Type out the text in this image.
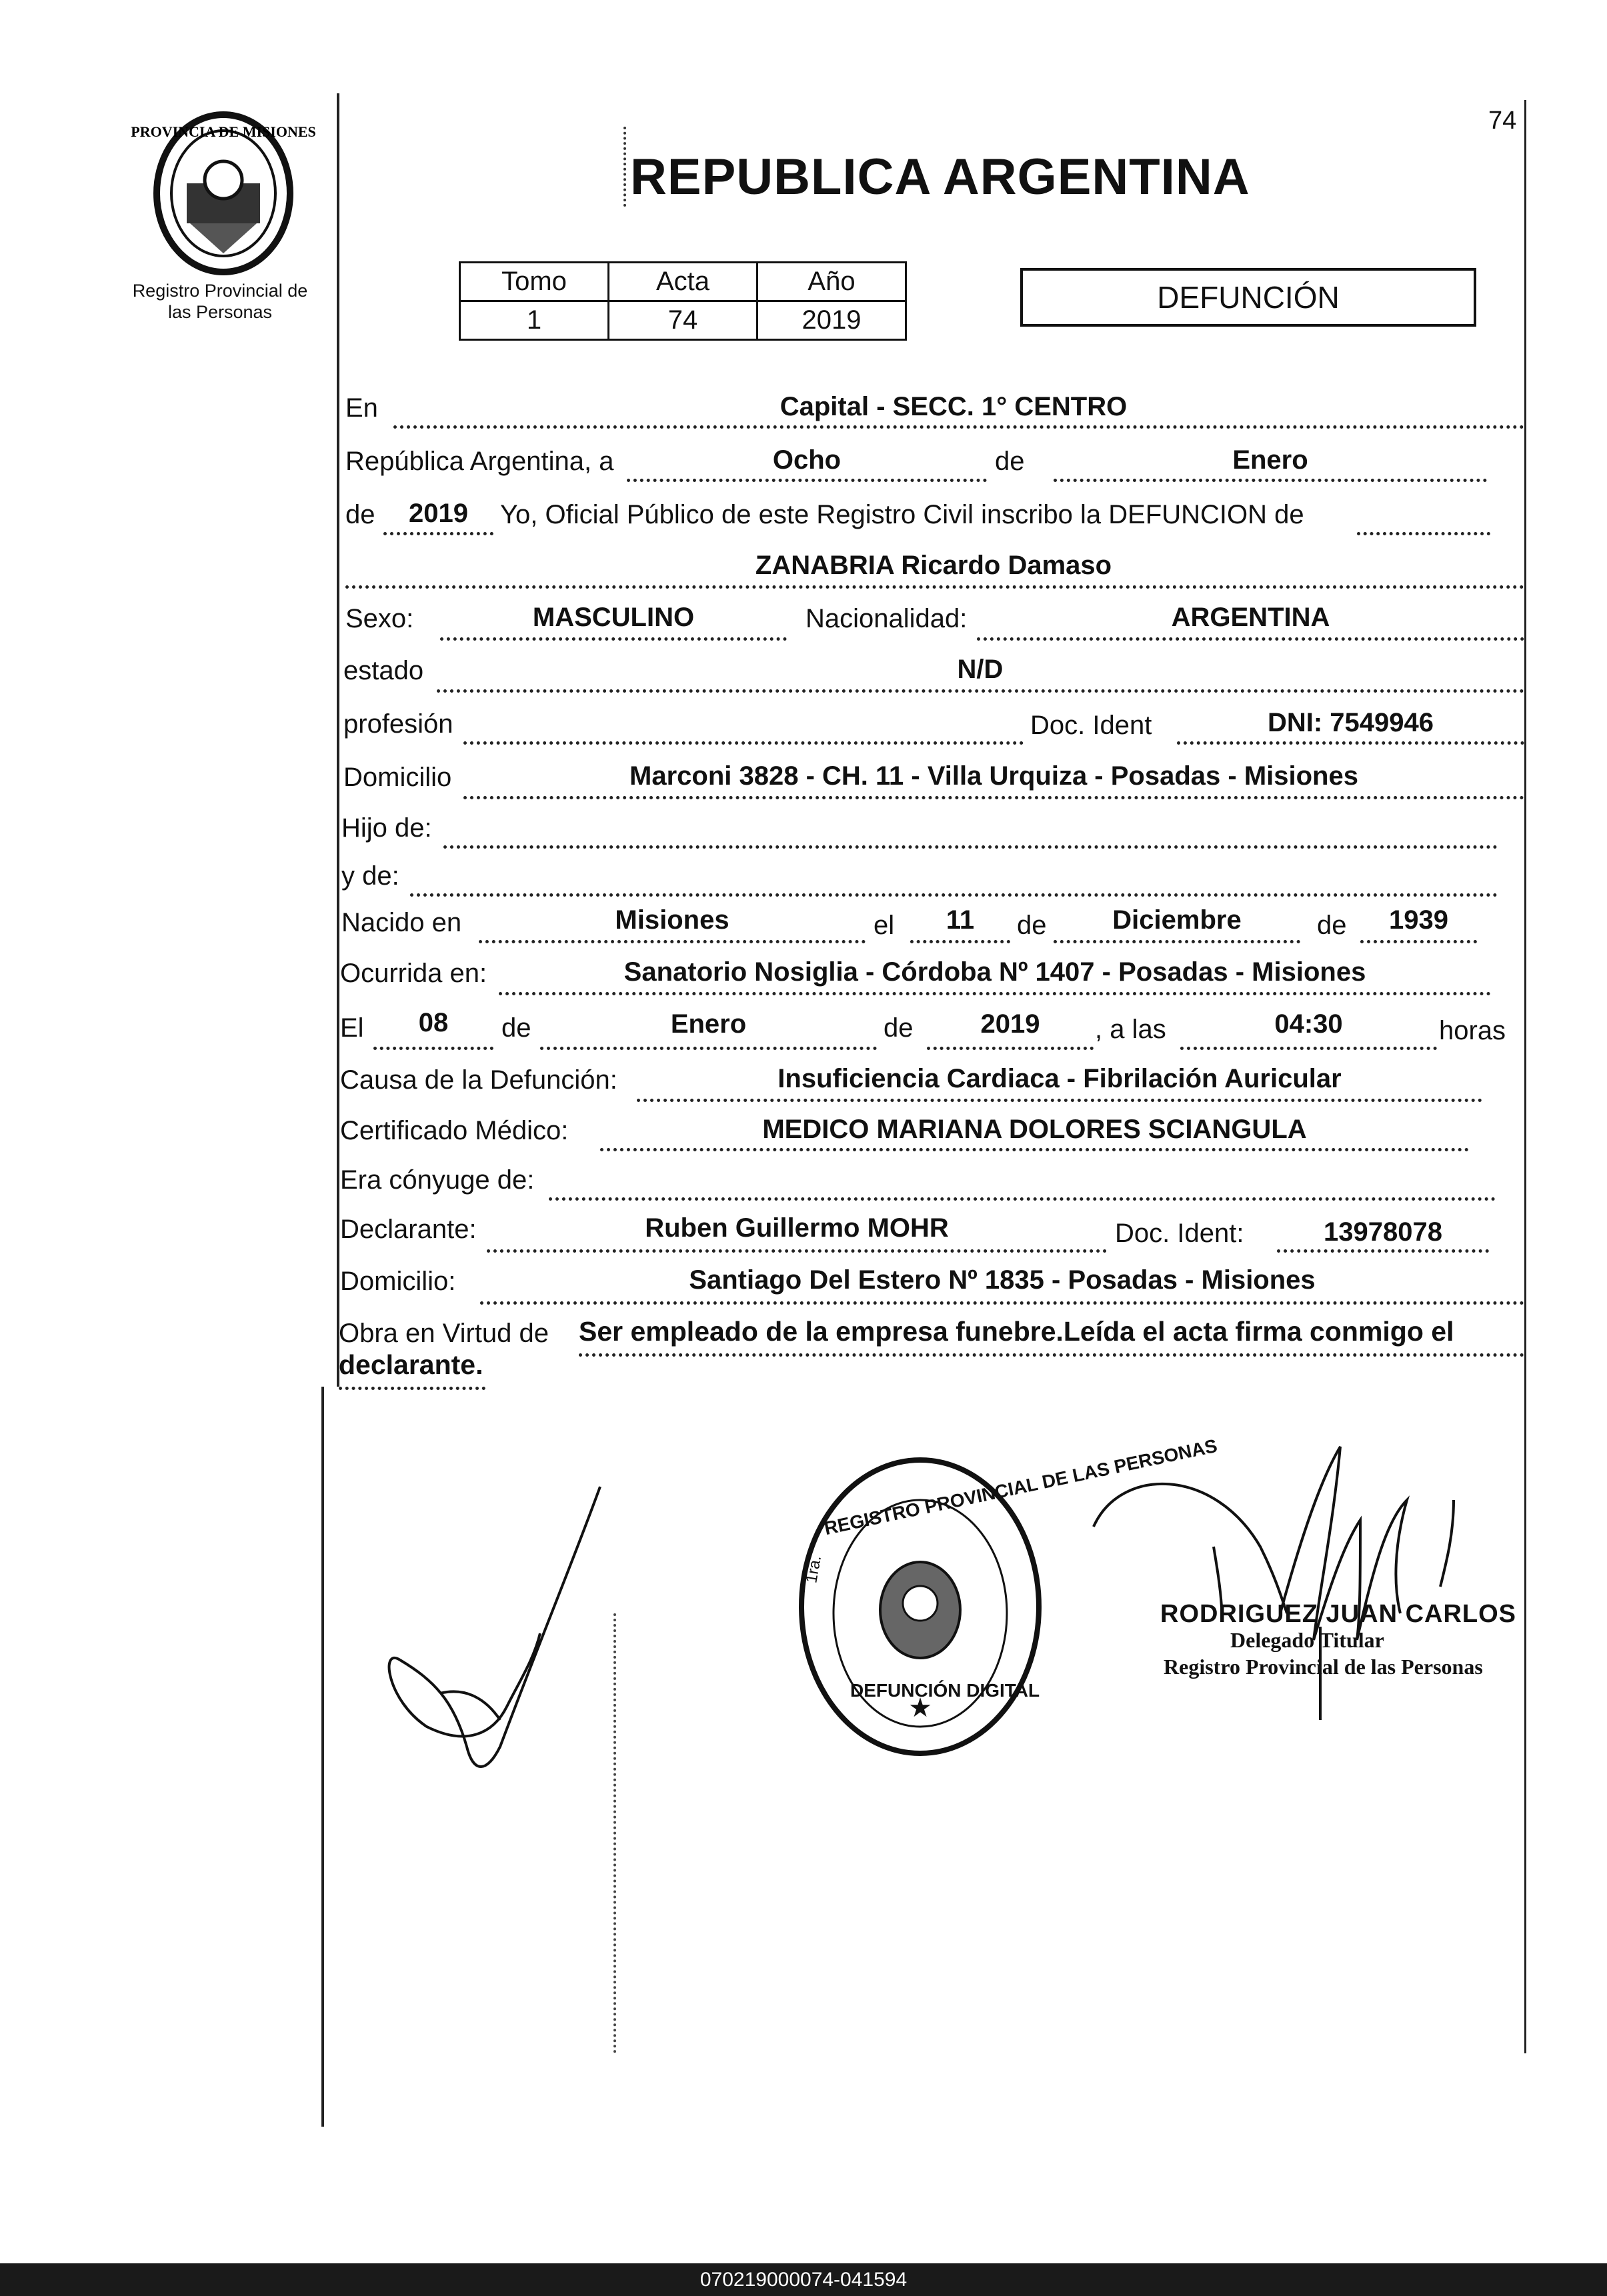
74
PROVINCIA DE MISIONES
Registro Provincial de
las Personas
REPUBLICA ARGENTINA
Tomo	Acta	Año
1	74	2019
DEFUNCIÓN
En	Capital - SECC. 1° CENTRO
República Argentina, a	Ocho	de	Enero
de	2019	Yo, Oficial Público de este Registro Civil inscribo la DEFUNCION de
ZANABRIA Ricardo Damaso
Sexo:	MASCULINO	Nacionalidad:	ARGENTINA
estado	N/D
profesión	Doc. Ident	DNI: 7549946
Domicilio	Marconi 3828 - CH. 11 - Villa Urquiza - Posadas - Misiones
Hijo de:
y de:
Nacido en	Misiones	el	11	de	Diciembre	de	1939
Ocurrida en:	Sanatorio Nosiglia - Córdoba Nº 1407 - Posadas - Misiones
El	08	de	Enero	de	2019	, a las	04:30	horas
Causa de la Defunción:	Insuficiencia Cardiaca - Fibrilación Auricular
Certificado Médico:	MEDICO MARIANA DOLORES SCIANGULA
Era cónyuge de:
Declarante:	Ruben Guillermo MOHR	Doc. Ident:	13978078
Domicilio:	Santiago Del Estero Nº 1835 - Posadas - Misiones
Obra en Virtud de Ser empleado de la empresa funebre.Leída el acta firma conmigo el
declarante.
★
REGISTRO PROVINCIAL DE LAS PERSONAS
DEFUNCIÓN DIGITAL
1ra.
RODRIGUEZ JUAN CARLOS
Delegado Titular
Registro Provincial de las Personas
070219000074-041594
